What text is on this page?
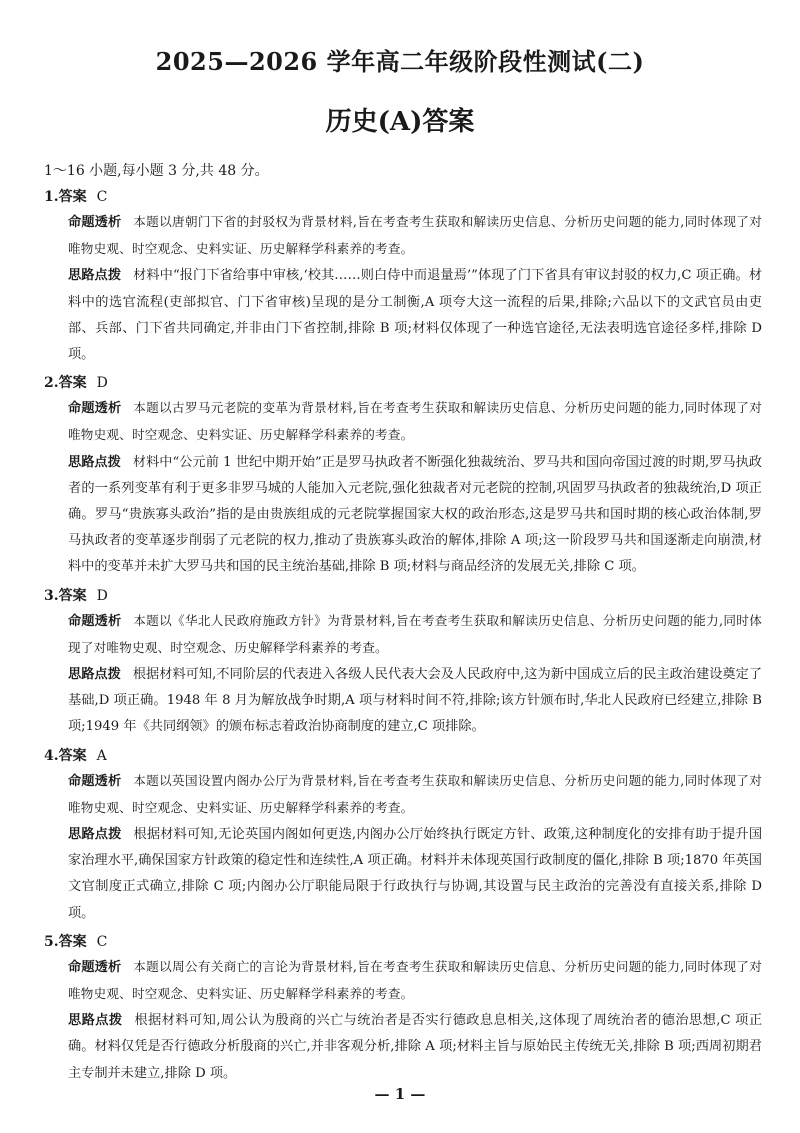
2025—2026 学年高二年级阶段性测试(二)
历史(A)答案
1～16 小题,每小题 3 分,共 48 分。
1.答案 C
命题透析 本题以唐朝门下省的封驳权为背景材料,旨在考查考生获取和解读历史信息、分析历史问题的能力,同时体现了对唯物史观、时空观念、史料实证、历史解释学科素养的考查。
思路点拨 材料中“报门下省给事中审核,‘校其……则白侍中而退量焉’”体现了门下省具有审议封驳的权力,C 项正确。材料中的选官流程(吏部拟官、门下省审核)呈现的是分工制衡,A 项夸大这一流程的后果,排除;六品以下的文武官员由吏部、兵部、门下省共同确定,并非由门下省控制,排除 B 项;材料仅体现了一种选官途径,无法表明选官途径多样,排除 D 项。
2.答案 D
命题透析 本题以古罗马元老院的变革为背景材料,旨在考查考生获取和解读历史信息、分析历史问题的能力,同时体现了对唯物史观、时空观念、史料实证、历史解释学科素养的考查。
思路点拨 材料中“公元前 1 世纪中期开始”正是罗马执政者不断强化独裁统治、罗马共和国向帝国过渡的时期,罗马执政者的一系列变革有利于更多非罗马城的人能加入元老院,强化独裁者对元老院的控制,巩固罗马执政者的独裁统治,D 项正确。罗马“贵族寡头政治”指的是由贵族组成的元老院掌握国家大权的政治形态,这是罗马共和国时期的核心政治体制,罗马执政者的变革逐步削弱了元老院的权力,推动了贵族寡头政治的解体,排除 A 项;这一阶段罗马共和国逐渐走向崩溃,材料中的变革并未扩大罗马共和国的民主统治基础,排除 B 项;材料与商品经济的发展无关,排除 C 项。
3.答案 D
命题透析 本题以《华北人民政府施政方针》为背景材料,旨在考查考生获取和解读历史信息、分析历史问题的能力,同时体现了对唯物史观、时空观念、历史解释学科素养的考查。
思路点拨 根据材料可知,不同阶层的代表进入各级人民代表大会及人民政府中,这为新中国成立后的民主政治建设奠定了基础,D 项正确。1948 年 8 月为解放战争时期,A 项与材料时间不符,排除;该方针颁布时,华北人民政府已经建立,排除 B 项;1949 年《共同纲领》的颁布标志着政治协商制度的建立,C 项排除。
4.答案 A
命题透析 本题以英国设置内阁办公厅为背景材料,旨在考查考生获取和解读历史信息、分析历史问题的能力,同时体现了对唯物史观、时空观念、史料实证、历史解释学科素养的考查。
思路点拨 根据材料可知,无论英国内阁如何更迭,内阁办公厅始终执行既定方针、政策,这种制度化的安排有助于提升国家治理水平,确保国家方针政策的稳定性和连续性,A 项正确。材料并未体现英国行政制度的僵化,排除 B 项;1870 年英国文官制度正式确立,排除 C 项;内阁办公厅职能局限于行政执行与协调,其设置与民主政治的完善没有直接关系,排除 D 项。
5.答案 C
命题透析 本题以周公有关商亡的言论为背景材料,旨在考查考生获取和解读历史信息、分析历史问题的能力,同时体现了对唯物史观、时空观念、史料实证、历史解释学科素养的考查。
思路点拨 根据材料可知,周公认为殷商的兴亡与统治者是否实行德政息息相关,这体现了周统治者的德治思想,C 项正确。材料仅凭是否行德政分析殷商的兴亡,并非客观分析,排除 A 项;材料主旨与原始民主传统无关,排除 B 项;西周初期君主专制并未建立,排除 D 项。
— 1 —
